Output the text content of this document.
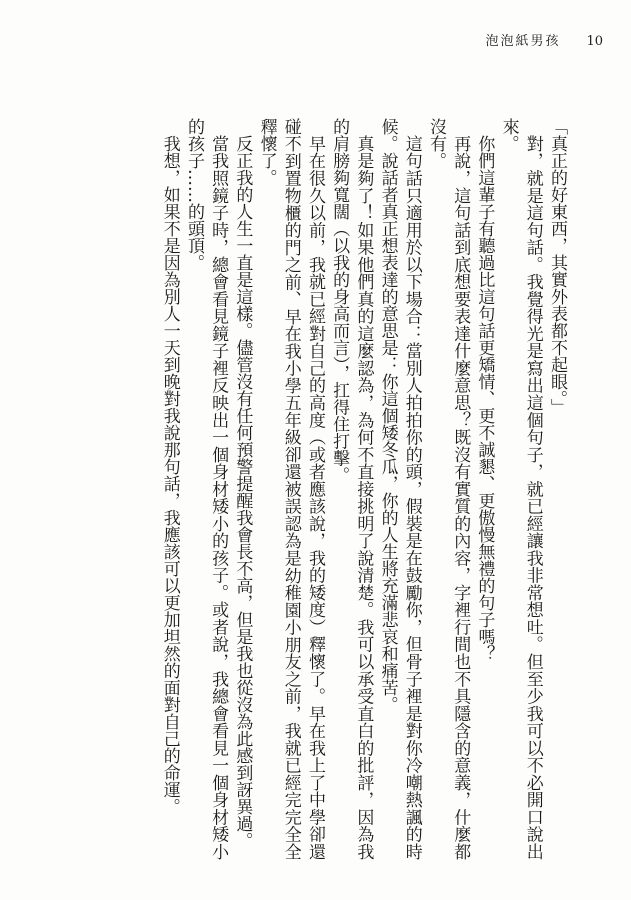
泡泡紙男孩 10

「真正的好東西，其實外表都不起眼。」

對，就是這句話。我覺得光是寫出這個句子，就已經讓我非常想吐。但至少我可以不必開口說出來。

你們這輩子有聽過比這句話更矯情、更不誠懇、更傲慢無禮的句子嗎？

再說，這句話到底想要表達什麼意思？既沒有實質的內容，字裡行間也不具隱含的意義，什麼都沒有。

這句話只適用於以下場合：當別人拍拍你的頭，假裝是在鼓勵你，但骨子裡是對你冷嘲熱諷的時候。說話者真正想表達的意思是：你這個矮冬瓜，你的人生將充滿悲哀和痛苦。

真是夠了！如果他們真的這麼認為，為何不直接挑明了說清楚。我可以承受直白的批評，因為我的肩膀夠寬闊（以我的身高而言），扛得住打擊。

早在很久以前，我就已經對自己的高度（或者應該說，我的矮度）釋懷了。早在我上了中學卻還碰不到置物櫃的門之前、早在我小學五年級卻還被誤認為是幼稚園小朋友之前，我就已經完完全全釋懷了。

反正我的人生一直是這樣。儘管沒有任何預警提醒我會長不高，但是我也從沒為此感到訝異過。

當我照鏡子時，總會看見鏡子裡反映出一個身材矮小的孩子。或者說，我總會看見一個身材矮小的孩子……的頭頂。

我想，如果不是因為別人一天到晚對我說那句話，我應該可以更加坦然的面對自己的命運。
